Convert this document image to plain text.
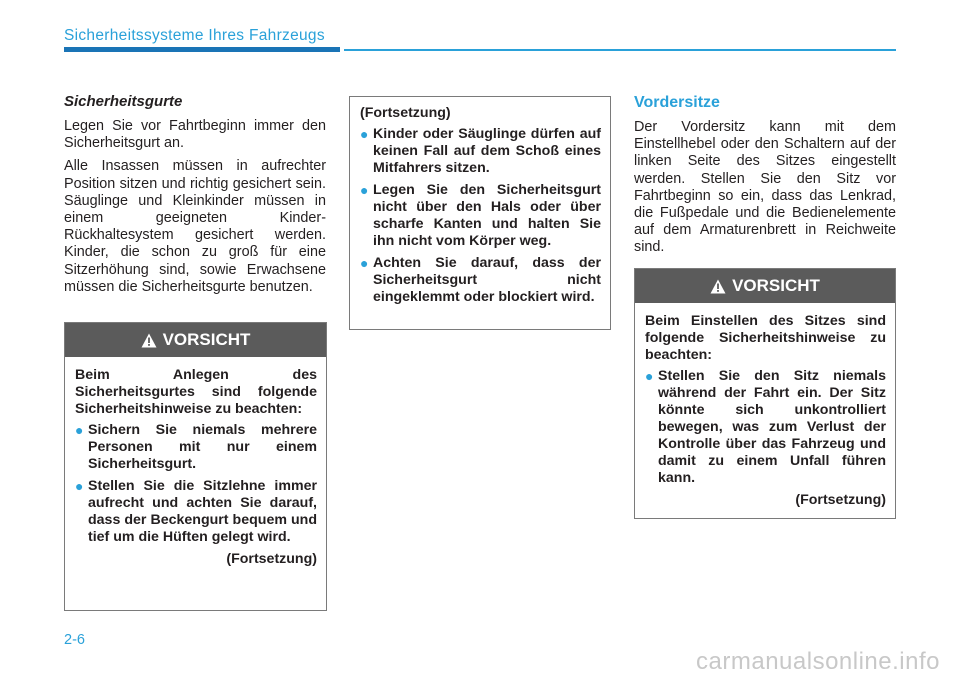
Sicherheitssysteme Ihres Fahrzeugs
Sicherheitsgurte

Legen Sie vor Fahrtbeginn immer den Sicherheitsgurt an.

Alle Insassen müssen in aufrechter Position sitzen und richtig gesichert sein. Säuglinge und Kleinkinder müssen in einem geeigneten Kinder-Rückhaltesystem gesichert werden. Kinder, die schon zu groß für eine Sitzerhöhung sind, sowie Erwachsene müssen die Sicherheitsgurte benutzen.

VORSICHT

Beim Anlegen des Sicherheitsgurtes sind folgende Sicherheitshinweise zu beachten:

● Sichern Sie niemals mehrere Personen mit nur einem Sicherheitsgurt.
● Stellen Sie die Sitzlehne immer aufrecht und achten Sie darauf, dass der Beckengurt bequem und tief um die Hüften gelegt wird.
(Fortsetzung)

(Fortsetzung)

● Kinder oder Säuglinge dürfen auf keinen Fall auf dem Schoß eines Mitfahrers sitzen.
● Legen Sie den Sicherheitsgurt nicht über den Hals oder über scharfe Kanten und halten Sie ihn nicht vom Körper weg.
● Achten Sie darauf, dass der Sicherheitsgurt nicht eingeklemmt oder blockiert wird.
Vordersitze

Der Vordersitz kann mit dem Einstellhebel oder den Schaltern auf der linken Seite des Sitzes eingestellt werden. Stellen Sie den Sitz vor Fahrtbeginn so ein, dass das Lenkrad, die Fußpedale und die Bedienelemente auf dem Armaturenbrett in Reichweite sind.

VORSICHT

Beim Einstellen des Sitzes sind folgende Sicherheitshinweise zu beachten:

● Stellen Sie den Sitz niemals während der Fahrt ein. Der Sitz könnte sich unkontrolliert bewegen, was zum Verlust der Kontrolle über das Fahrzeug und damit zu einem Unfall führen kann.
(Fortsetzung)
2-6
carmanualsonline.info
